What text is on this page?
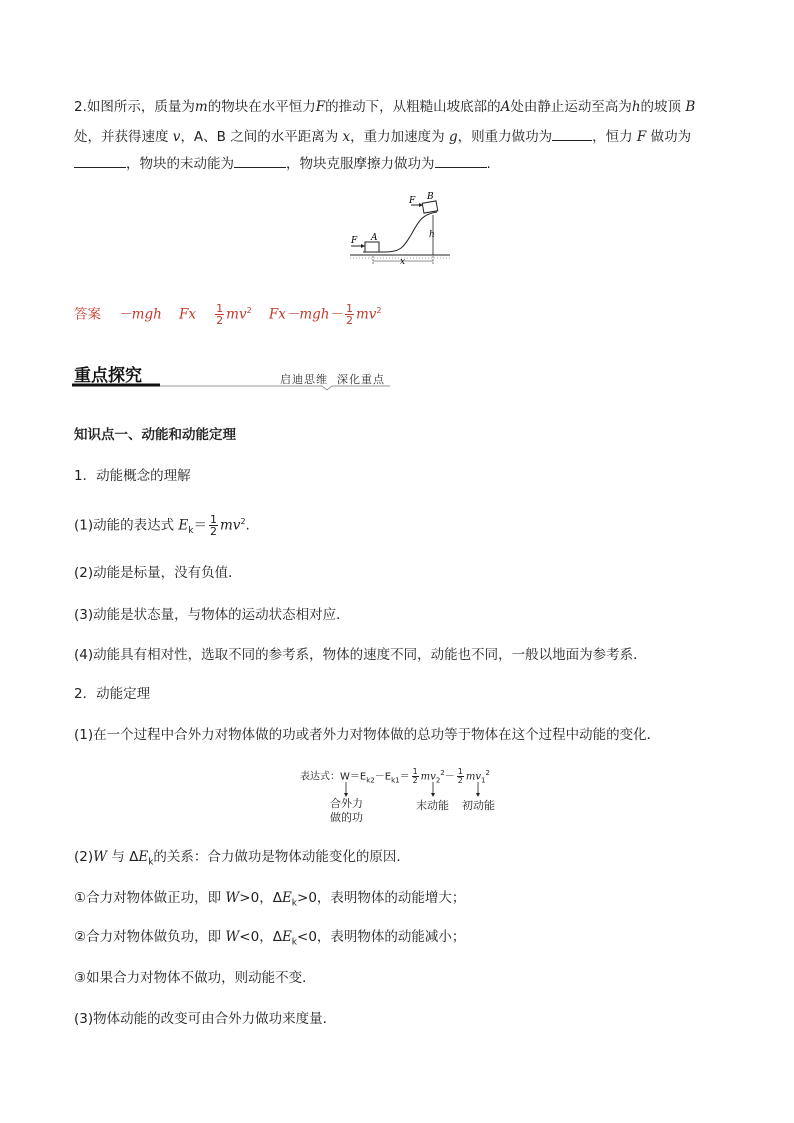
2.如图所示，质量为m的物块在水平恒力F的推动下，从粗糙山坡底部的A处由静止运动至高为h的坡顶 B
处，并获得速度 v，A、B 之间的水平距离为 x，重力加速度为 g，则重力做功为	，恒力 F 做功为
，物块的末动能为	，物块克服摩擦力做功为	.
F A
F B
h
x
答案 －mgh Fx $\frac{1}{2} mv^2$ $Fx-mgh- \frac{1}{2} mv^2$
重点探究	启迪思维 深化重点
知识点一、动能和动能定理
1．动能概念的理解
(1)动能的表达式 $E_k= \frac{1}{2} mv^2$.
(2)动能是标量，没有负值．
(3)动能是状态量，与物体的运动状态相对应．
(4)动能具有相对性，选取不同的参考系，物体的速度不同，动能也不同，一般以地面为参考系．
2．动能定理
(1)在一个过程中合外力对物体做的功或者外力对物体做的总功等于物体在这个过程中动能的变化．
表达式：$W=E_{k2}-E_{k1}= \frac{1}{2} mv_2^2- \frac{1}{2} mv_1^2$
合外力
做的功
末动能 初动能
(2)W 与 $\Delta E_k$的关系：合力做功是物体动能变化的原因．
①合力对物体做正功，即 W>0，$\Delta E_k>0$，表明物体的动能增大；
②合力对物体做负功，即 W<0，$\Delta E_k<0$，表明物体的动能减小；
③如果合力对物体不做功，则动能不变．
(3)物体动能的改变可由合外力做功来度量．
